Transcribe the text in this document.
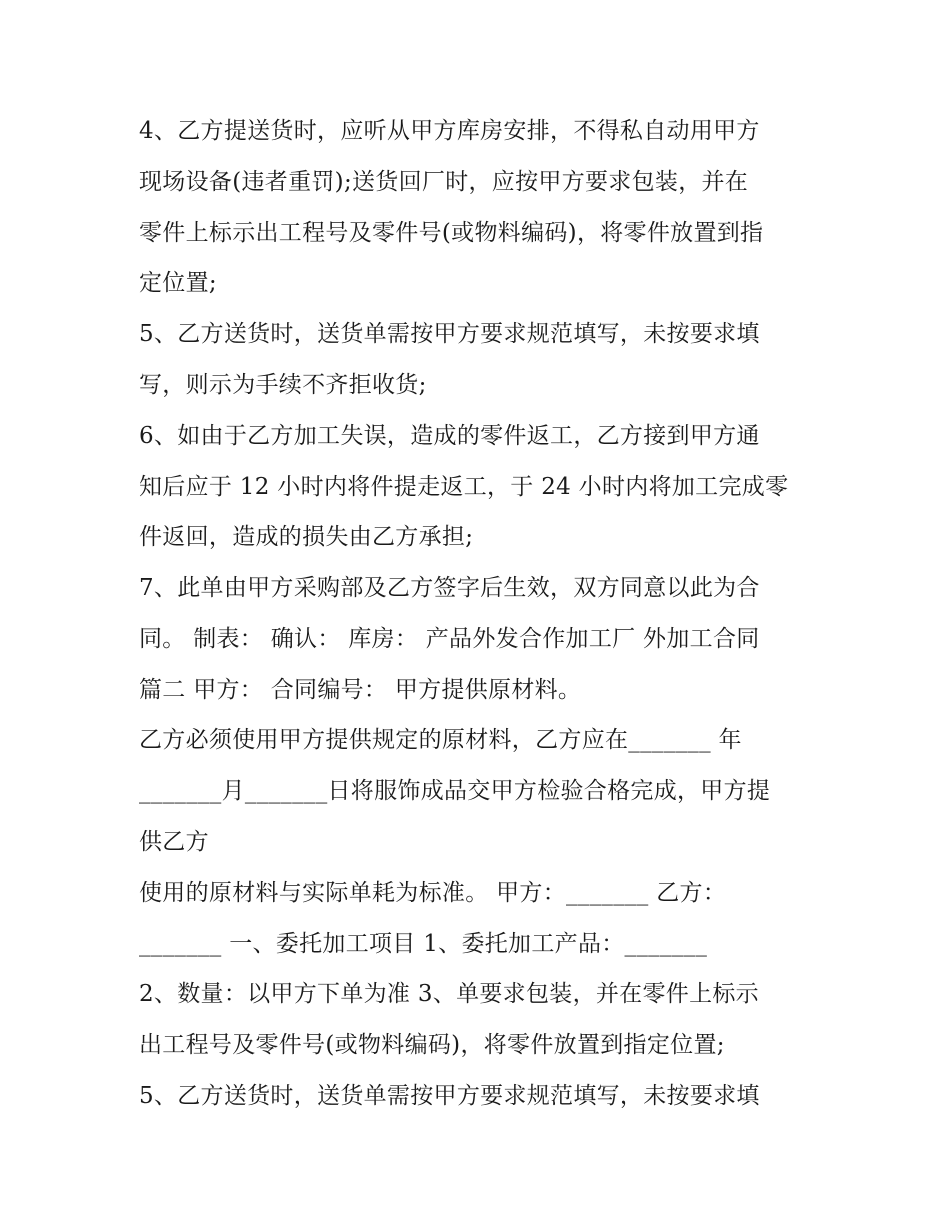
4、乙方提送货时，应听从甲方库房安排，不得私自动用甲方
现场设备(违者重罚);送货回厂时，应按甲方要求包装，并在
零件上标示出工程号及零件号(或物料编码)，将零件放置到指
定位置;
5、乙方送货时，送货单需按甲方要求规范填写，未按要求填
写，则示为手续不齐拒收货;
6、如由于乙方加工失误，造成的零件返工，乙方接到甲方通
知后应于 12 小时内将件提走返工，于 24 小时内将加工完成零
件返回，造成的损失由乙方承担;
7、此单由甲方采购部及乙方签字后生效，双方同意以此为合
同。 制表： 确认： 库房： 产品外发合作加工厂 外加工合同
篇二 甲方： 合同编号： 甲方提供原材料。
乙方必须使用甲方提供规定的原材料，乙方应在_______ 年
_______月_______日将服饰成品交甲方检验合格完成，甲方提
供乙方
使用的原材料与实际单耗为标准。 甲方：_______ 乙方：
_______ 一、委托加工项目 1、委托加工产品：_______
2、数量：以甲方下单为准 3、单要求包装，并在零件上标示
出工程号及零件号(或物料编码)，将零件放置到指定位置;
5、乙方送货时，送货单需按甲方要求规范填写，未按要求填
